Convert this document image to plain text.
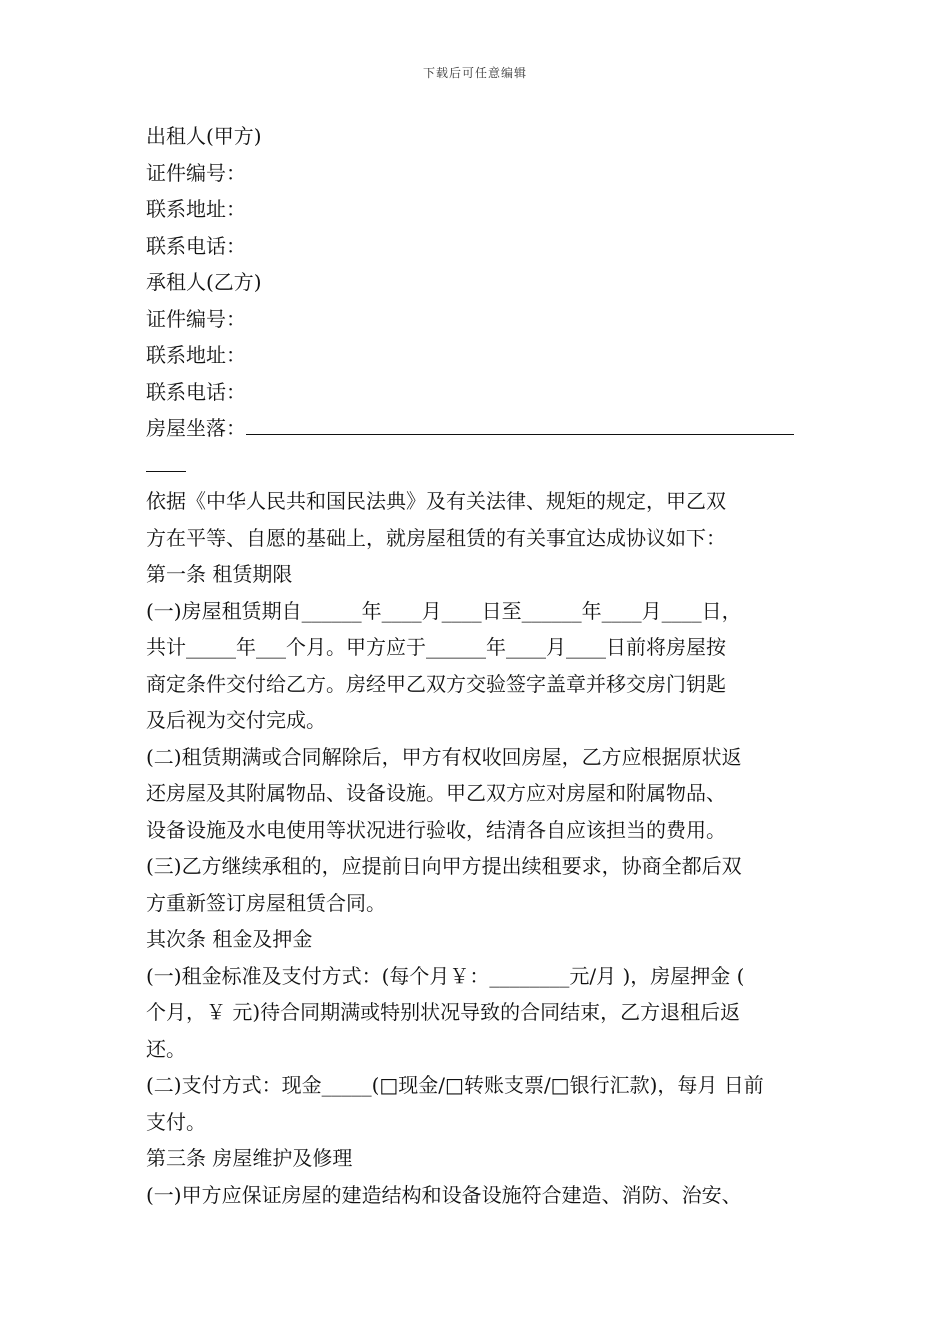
下载后可任意编辑
出租人(甲方)
证件编号：
联系地址：
联系电话：
承租人(乙方)
证件编号：
联系地址：
联系电话：
房屋坐落：
依据《中华人民共和国民法典》及有关法律、规矩的规定，甲乙双
方在平等、自愿的基础上，就房屋租赁的有关事宜达成协议如下：
第一条 租赁期限
(一)房屋租赁期自______年____月____日至______年____月____日，
共计_____年___个月。甲方应于______年____月____日前将房屋按
商定条件交付给乙方。房经甲乙双方交验签字盖章并移交房门钥匙
及后视为交付完成。
(二)租赁期满或合同解除后，甲方有权收回房屋，乙方应根据原状返
还房屋及其附属物品、设备设施。甲乙双方应对房屋和附属物品、
设备设施及水电使用等状况进行验收，结清各自应该担当的费用。
(三)乙方继续承租的，应提前日向甲方提出续租要求，协商全都后双
方重新签订房屋租赁合同。
其次条 租金及押金
(一)租金标准及支付方式：(每个月￥：________元/月 )，房屋押金 (
个月，￥ 元)待合同期满或特别状况导致的合同结束，乙方退租后返
还。
(二)支付方式：现金_____(□现金/□转账支票/□银行汇款)，每月 日前
支付。
第三条 房屋维护及修理
(一)甲方应保证房屋的建造结构和设备设施符合建造、消防、治安、
